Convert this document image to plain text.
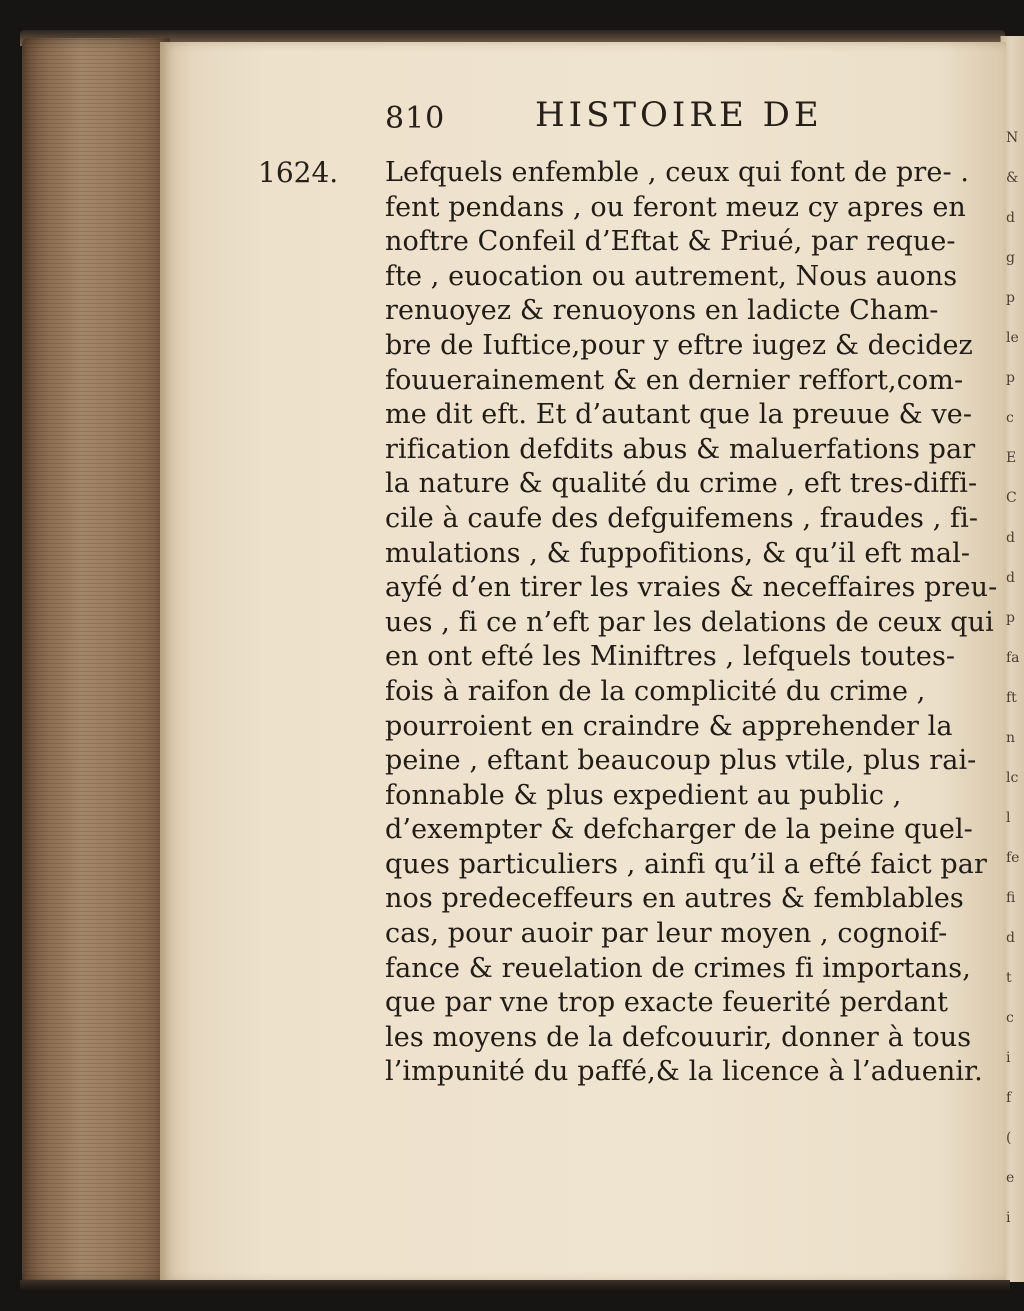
810	HISTOIRE DE
1624. Lefquels enfemble , ceux qui font de pre- .
fent pendans , ou feront meuz cy apres en
noftre Confeil d’Eftat & Priué, par reque-
fte , euocation ou autrement, Nous auons
renuoyez & renuoyons en ladicte Cham-
bre de Iuftice,pour y eftre iugez & decidez
fouuerainement & en dernier reffort,com-
me dit eft. Et d’autant que la preuue & ve-
rification defdits abus & maluerfations par
la nature & qualité du crime , eft tres-diffi-
cile à caufe des defguifemens , fraudes , fi-
mulations , & fuppofitions, & qu’il eft mal-
ayfé d’en tirer les vraies & neceffaires preu-
ues , fi ce n’eft par les delations de ceux qui
en ont efté les Miniftres , lefquels toutes-
fois à raifon de la complicité du crime ,
pourroient en craindre & apprehender la
peine , eftant beaucoup plus vtile, plus rai-
fonnable & plus expedient au public ,
d’exempter & defcharger de la peine quel-
ques particuliers , ainfi qu’il a efté faict par
nos predeceffeurs en autres & femblables
cas, pour auoir par leur moyen , cognoif-
fance & reuelation de crimes fi importans,
que par vne trop exacte feuerité perdant
les moyens de la defcouurir, donner à tous
l’impunité du paffé,& la licence à l’aduenir.
N
&
d
g
p
le
p
c
E
C
d
d
p
fa
ft
n
lc
l
fe
fi
d
t
c
i
f
(
e
i
